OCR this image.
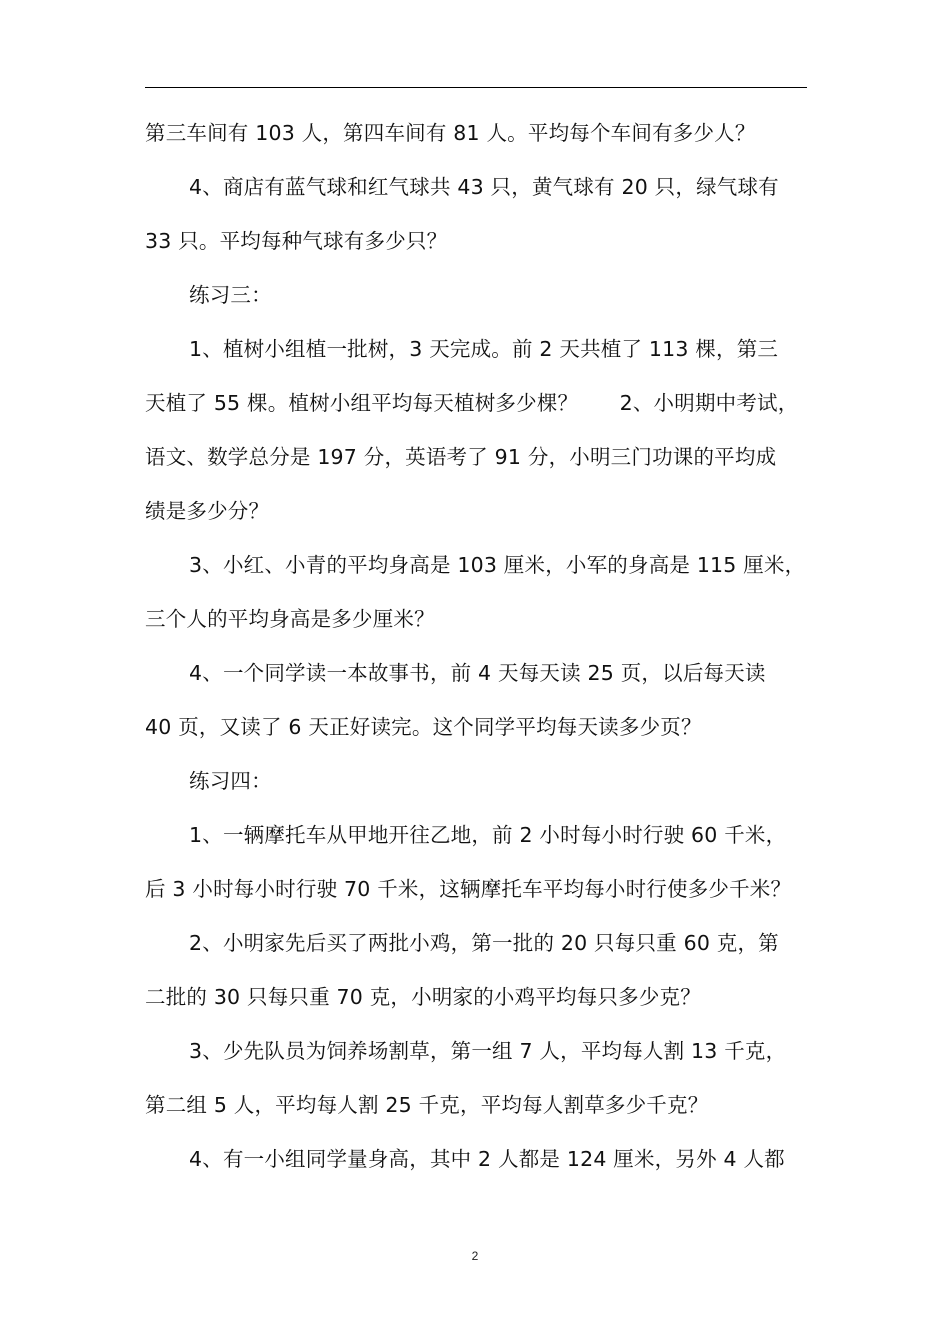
第三车间有 103 人，第四车间有 81 人。平均每个车间有多少人？
4、商店有蓝气球和红气球共 43 只，黄气球有 20 只，绿气球有
33 只。平均每种气球有多少只？
练习三：
1、植树小组植一批树，3 天完成。前 2 天共植了 113 棵，第三
天植了 55 棵。植树小组平均每天植树多少棵？　　2、小明期中考试，
语文、数学总分是 197 分，英语考了 91 分，小明三门功课的平均成
绩是多少分？
3、小红、小青的平均身高是 103 厘米，小军的身高是 115 厘米，
三个人的平均身高是多少厘米？
4、一个同学读一本故事书，前 4 天每天读 25 页，以后每天读
40 页，又读了 6 天正好读完。这个同学平均每天读多少页？
练习四：
1、一辆摩托车从甲地开往乙地，前 2 小时每小时行驶 60 千米，
后 3 小时每小时行驶 70 千米，这辆摩托车平均每小时行使多少千米？
2、小明家先后买了两批小鸡，第一批的 20 只每只重 60 克，第
二批的 30 只每只重 70 克，小明家的小鸡平均每只多少克？
3、少先队员为饲养场割草，第一组 7 人，平均每人割 13 千克，
第二组 5 人，平均每人割 25 千克，平均每人割草多少千克？
4、有一小组同学量身高，其中 2 人都是 124 厘米，另外 4 人都
2
